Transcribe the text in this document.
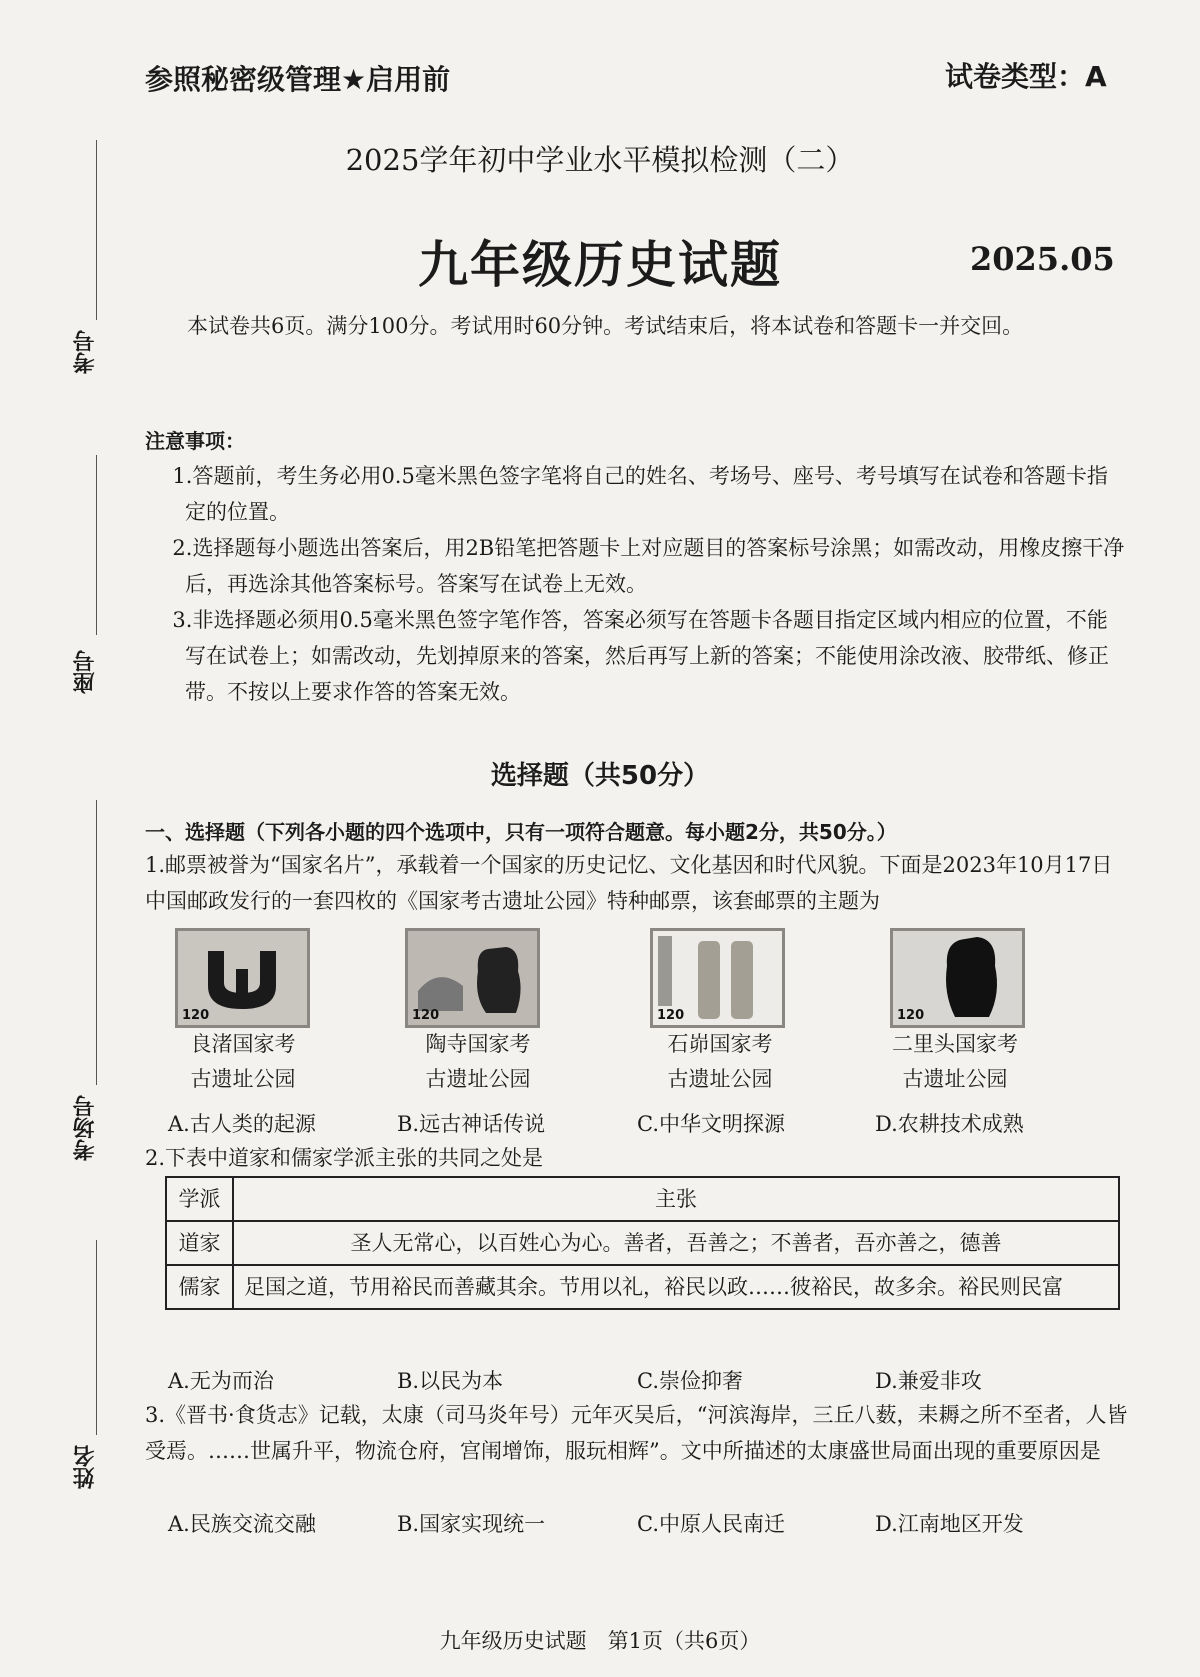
参照秘密级管理★启用前	试卷类型：A
2025学年初中学业水平模拟检测（二）
九年级历史试题	2025.05
考号
座号
考场号
姓名
本试卷共6页。满分100分。考试用时60分钟。考试结束后，将本试卷和答题卡一并交回。
注意事项：
1.答题前，考生务必用0.5毫米黑色签字笔将自己的姓名、考场号、座号、考号填写在试卷和答题卡指定的位置。
2.选择题每小题选出答案后，用2B铅笔把答题卡上对应题目的答案标号涂黑；如需改动，用橡皮擦干净后，再选涂其他答案标号。答案写在试卷上无效。
3.非选择题必须用0.5毫米黑色签字笔作答，答案必须写在答题卡各题目指定区域内相应的位置，不能写在试卷上；如需改动，先划掉原来的答案，然后再写上新的答案；不能使用涂改液、胶带纸、修正带。不按以上要求作答的答案无效。
选择题（共50分）
一、选择题（下列各小题的四个选项中，只有一项符合题意。每小题2分，共50分。）
1.邮票被誉为“国家名片”，承载着一个国家的历史记忆、文化基因和时代风貌。下面是2023年10月17日中国邮政发行的一套四枚的《国家考古遗址公园》特种邮票，该套邮票的主题为
120	120	120	120
良渚国家考
古遗址公园
陶寺国家考
古遗址公园
石峁国家考
古遗址公园
二里头国家考
古遗址公园
A.古人类的起源	B.远古神话传说	C.中华文明探源	D.农耕技术成熟
2.下表中道家和儒家学派主张的共同之处是
学派	主张
道家	圣人无常心，以百姓心为心。善者，吾善之；不善者，吾亦善之，德善
儒家	足国之道，节用裕民而善藏其余。节用以礼，裕民以政……彼裕民，故多余。裕民则民富
A.无为而治	B.以民为本	C.崇俭抑奢	D.兼爱非攻
3.《晋书·食货志》记载，太康（司马炎年号）元年灭吴后，“河滨海岸，三丘八薮，耒耨之所不至者，人皆受焉。……世属升平，物流仓府，宫闱增饰，服玩相辉”。文中所描述的太康盛世局面出现的重要原因是
A.民族交流交融	B.国家实现统一	C.中原人民南迁	D.江南地区开发
九年级历史试题　第1页（共6页）
